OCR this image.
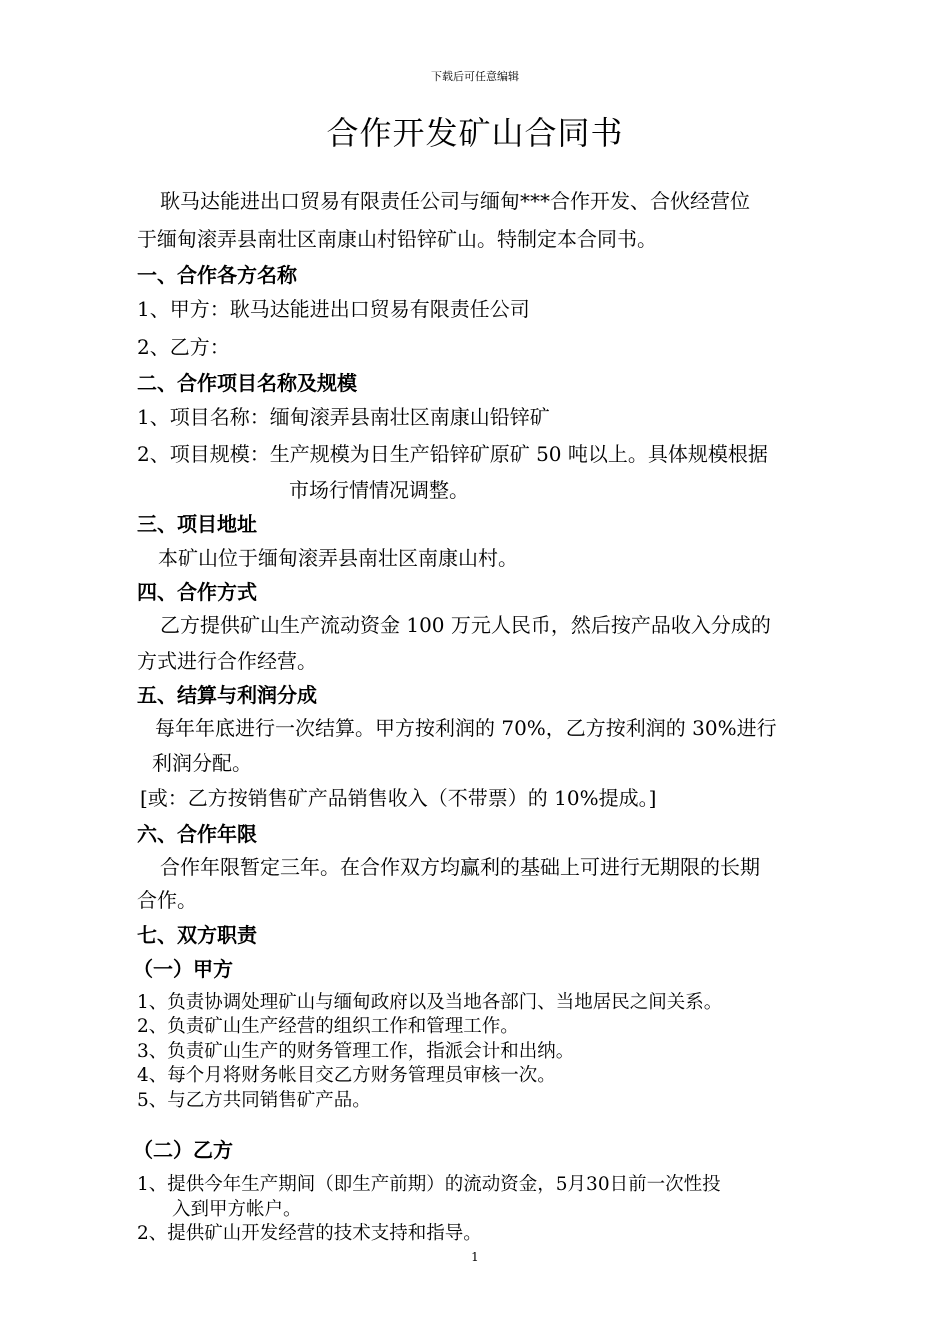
下载后可任意编辑
合作开发矿山合同书
耿马达能进出口贸易有限责任公司与缅甸***合作开发、合伙经营位
于缅甸滚弄县南壮区南康山村铅锌矿山。特制定本合同书。
一、合作各方名称
1、甲方：耿马达能进出口贸易有限责任公司
2、乙方：
二、合作项目名称及规模
1、项目名称：缅甸滚弄县南壮区南康山铅锌矿
2、项目规模：生产规模为日生产铅锌矿原矿 50 吨以上。具体规模根据
市场行情情况调整。
三、项目地址
本矿山位于缅甸滚弄县南壮区南康山村。
四、合作方式
乙方提供矿山生产流动资金 100 万元人民币，然后按产品收入分成的
方式进行合作经营。
五、结算与利润分成
每年年底进行一次结算。甲方按利润的 70%，乙方按利润的 30%进行
利润分配。
[或：乙方按销售矿产品销售收入（不带票）的 10%提成。]
六、合作年限
合作年限暂定三年。在合作双方均赢利的基础上可进行无期限的长期
合作。
七、双方职责
（一）甲方
1、负责协调处理矿山与缅甸政府以及当地各部门、当地居民之间关系。
2、负责矿山生产经营的组织工作和管理工作。
3、负责矿山生产的财务管理工作，指派会计和出纳。
4、每个月将财务帐目交乙方财务管理员审核一次。
5、与乙方共同销售矿产品。
（二）乙方
1、提供今年生产期间（即生产前期）的流动资金，5月30日前一次性投
入到甲方帐户。
2、提供矿山开发经营的技术支持和指导。
1
